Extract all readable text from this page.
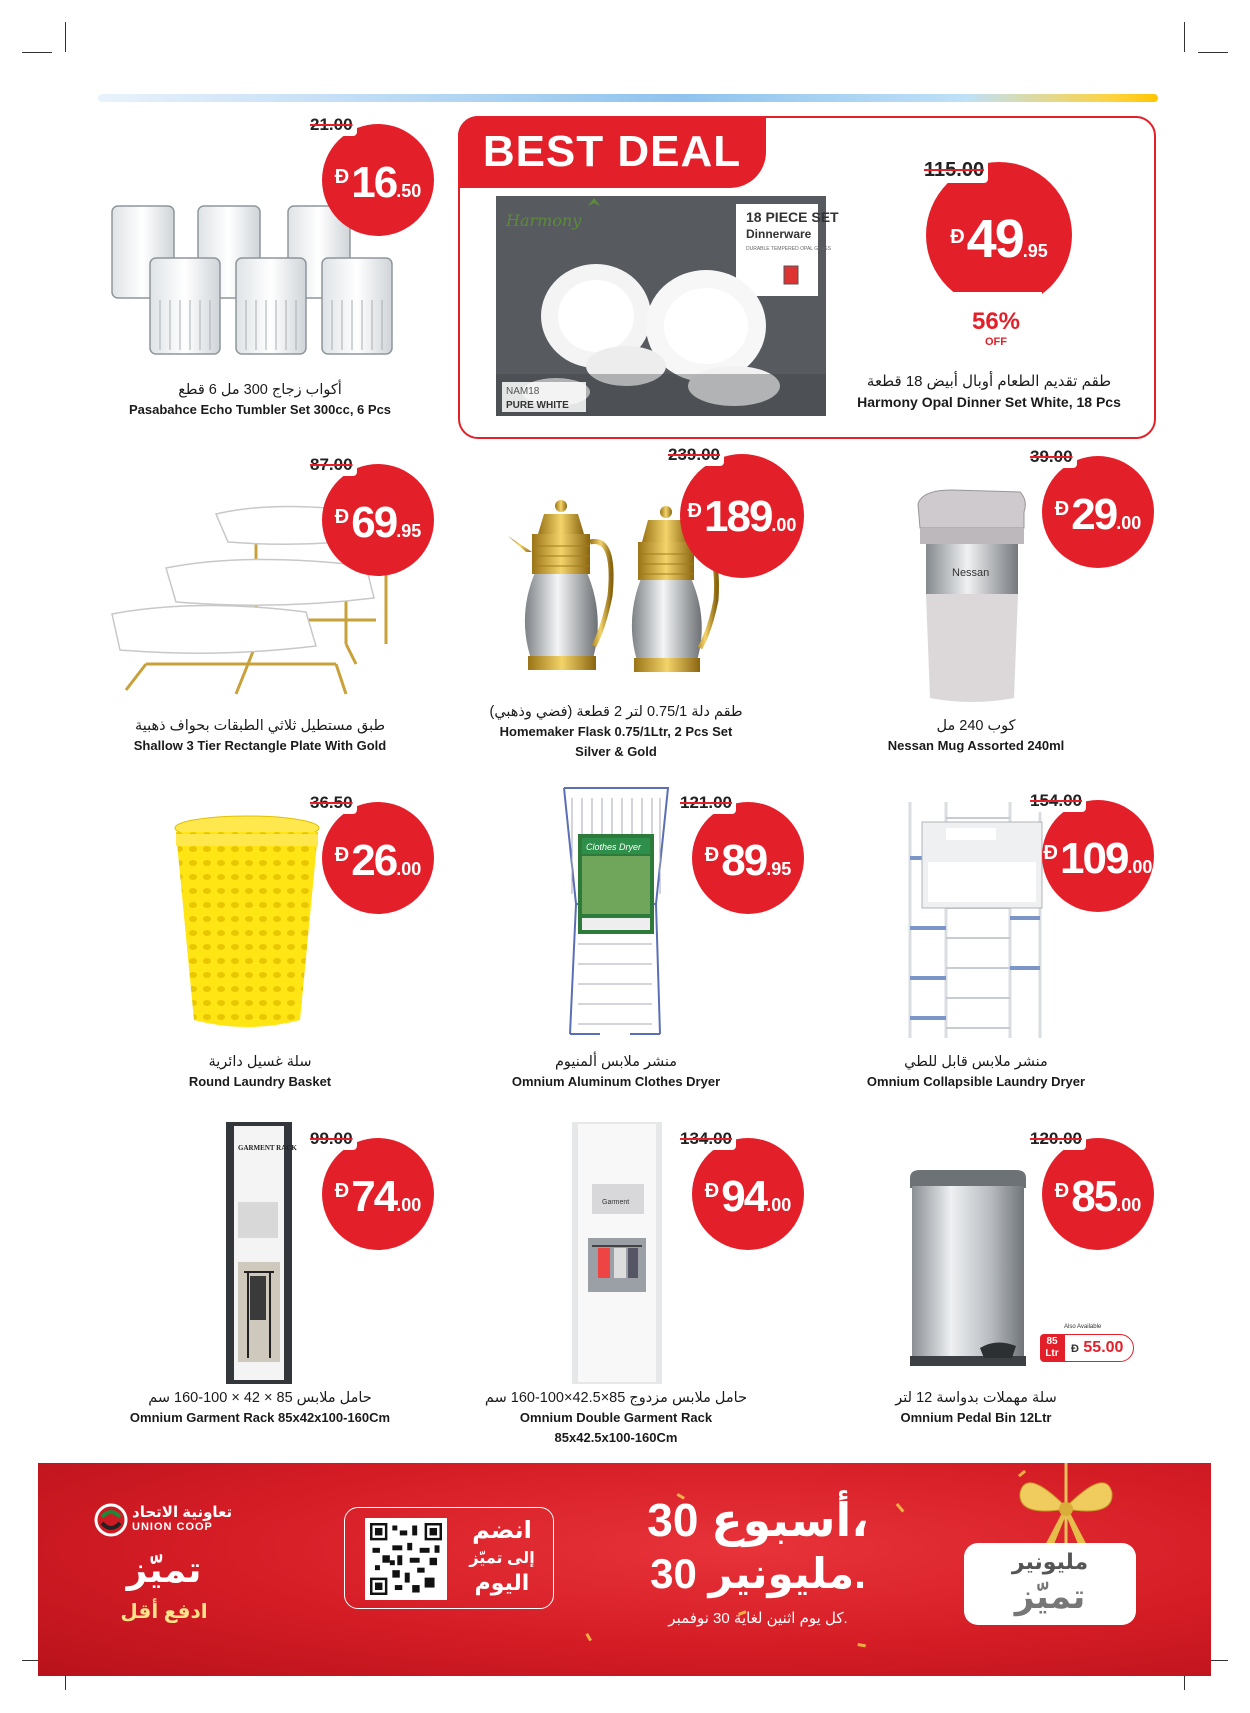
21.00
Đ16.50
أكواب زجاج 300 مل 6 قطع
Pasabahce Echo Tumbler Set 300cc, 6 Pcs
BEST DEAL
18 PIECE SET
Dinnerware
DURABLE TEMPERED OPAL GLASS
Harmony
NAM18
PURE WHITE
115.00
Đ49.95
56%
OFF
طقم تقديم الطعام أوبال أبيض 18 قطعة
Harmony Opal Dinner Set White, 18 Pcs
87.00
Đ69.95
طبق مستطيل ثلاثي الطبقات بحواف ذهبية
Shallow 3 Tier Rectangle Plate With Gold
239.00
Đ189.00
طقم دلة 0.75/1 لتر 2 قطعة (فضي وذهبي)
Homemaker Flask 0.75/1Ltr, 2 Pcs Set
Silver & Gold
Nessan
39.00
Đ29.00
كوب 240 مل
Nessan Mug Assorted 240ml
36.50
Đ26.00
سلة غسيل دائرية
Round Laundry Basket
Clothes Dryer
121.00
Đ89.95
منشر ملابس ألمنيوم
Omnium Aluminum Clothes Dryer
154.00
Đ109.00
منشر ملابس قابل للطي
Omnium Collapsible Laundry Dryer
GARMENT RACK 99.00
Đ74.00
حامل ملابس 85 × 42 × 100-160 سم
Omnium Garment Rack 85x42x100-160Cm
Garment
134.00
Đ94.00
حامل ملابس مزدوج 85×42.5×100-160 سم
Omnium Double Garment Rack
85x42.5x100-160Cm
120.00
Đ85.00
Also Available
85
Ltr	Đ 55.00
سلة مهملات بدواسة 12 لتر
Omnium Pedal Bin 12Ltr
تعاونية الاتحاد
UNION COOP
تميّز
ادفع أقل
انضم
إلى تميّز
اليوم
30 أسبوع،
30 مليونير.
كل يوم اثنين لغاية 30 نوفمبر.
مليونير
تميّز
